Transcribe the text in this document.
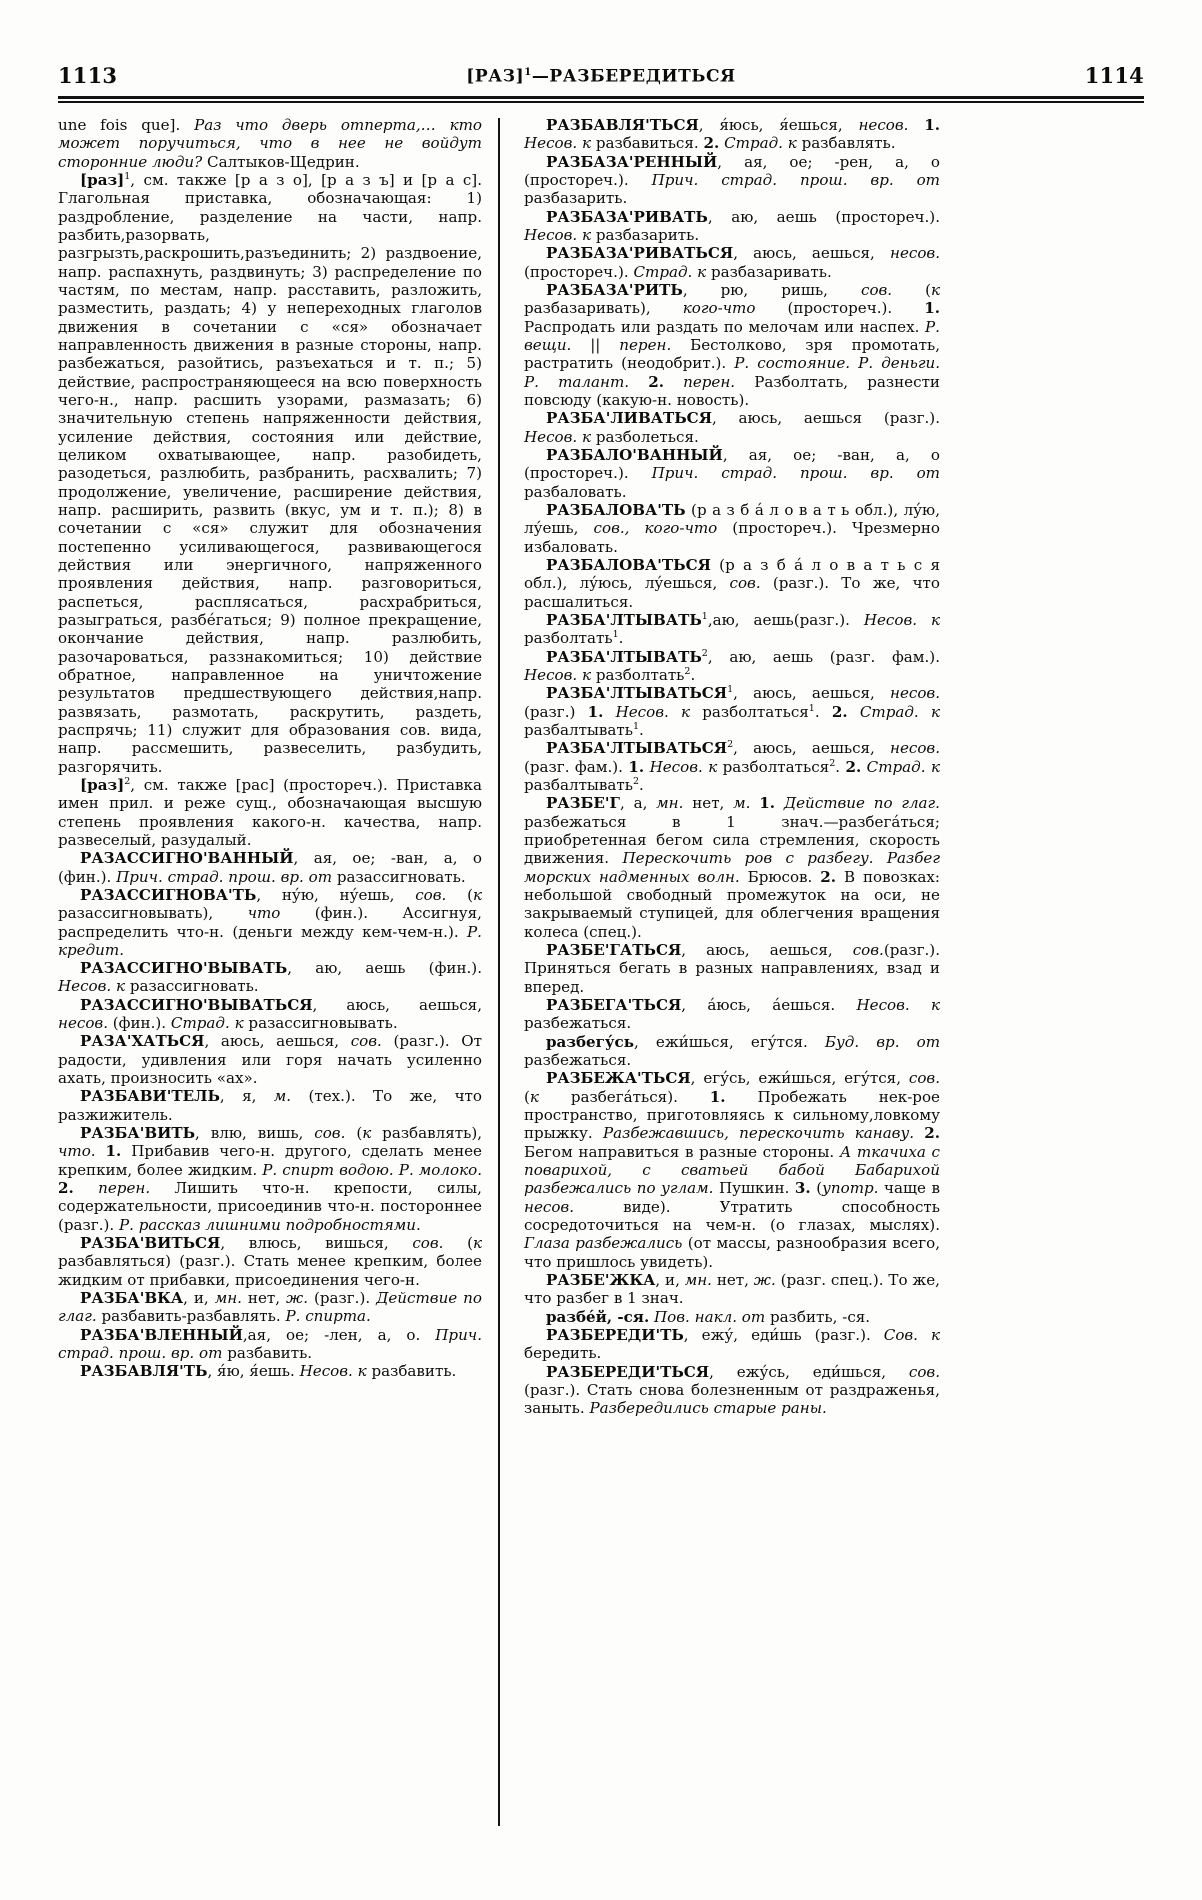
1113	[РАЗ]$^1$—РАЗБЕРЕДИТЬСЯ	1114

une fois que]. Раз что дверь отперта,… кто может поручиться, что в нее не войдут сторонние люди? Салтыков-Щедрин.

[раз]$^1$, см. также [р а з о], [р а з ъ] и [р а с]. Глагольная приставка, обозначающая: 1) раздробление, разделение на части, напр. разбить,разорвать, разгрызть,раскрошить,разъединить; 2) раздвоение, напр. распахнуть, раздвинуть; 3) распределение по частям, по местам, напр. расставить, разложить, разместить, раздать; 4) у непереходных глаголов движения в сочетании с «ся» обозначает направленность движения в разные стороны, напр. разбежаться, разойтись, разъехаться и т. п.; 5) действие, распространяющееся на всю поверхность чего-н., напр. расшить узорами, размазать; 6) значительную степень напряженности действия, усиление действия, состояния или действие, целиком охватывающее, напр. разобидеть, разодеться, разлюбить, разбранить, расхвалить; 7) продолжение, увеличение, расширение действия, напр. расширить, развить (вкус, ум и т. п.); 8) в сочетании с «ся» служит для обозначения постепенно усиливающегося, развивающегося действия или энергичного, напряженного проявления действия, напр. разговориться, распеться, расплясаться, расхрабриться, разыграться, разбе́гаться; 9) полное прекращение, окончание действия, напр. разлюбить, разочароваться, раззнакомиться; 10) действие обратное, направленное на уничтожение результатов предшествующего действия,напр. развязать, размотать, раскрутить, раздеть, распрячь; 11) служит для образования сов. вида, напр. рассмешить, развеселить, разбудить, разгорячить.

[раз]$^2$, см. также [рас] (простореч.). Приставка имен прил. и реже сущ., обозначающая высшую степень проявления какого-н. качества, напр. развеселый, разудалый.

РАЗАССИГНО'ВАННЫЙ, ая, ое; -ван, а, о (фин.). Прич. страд. прош. вр. от разассигновать.

РАЗАССИГНОВА'ТЬ, ну́ю, ну́ешь, сов. (к разассигновывать), что (фин.). Ассигнуя, распределить что-н. (деньги между кем-чем-н.). Р. кредит.

РАЗАССИГНО'ВЫВАТЬ, аю, аешь (фин.). Несов. к разассигновать.

РАЗАССИГНО'ВЫВАТЬСЯ, аюсь, аешься, несов. (фин.). Страд. к разассигновывать.

РАЗА'ХАТЬСЯ, аюсь, аешься, сов. (разг.). От радости, удивления или горя начать усиленно ахать, произносить «ах».

РАЗБАВИ'ТЕЛЬ, я, м. (тех.). То же, что разжижитель.

РАЗБА'ВИТЬ, влю, вишь, сов. (к разбавлять), что. 1. Прибавив чего-н. другого, сделать менее крепким, более жидким. Р. спирт водою. Р. молоко. 2. перен. Лишить что-н. крепости, силы, содержательности, присоединив что-н. постороннее (разг.). Р. рассказ лишними подробностями.

РАЗБА'ВИТЬСЯ, влюсь, вишься, сов. (к разбавляться) (разг.). Стать менее крепким, более жидким от прибавки, присоединения чего-н.

РАЗБА'ВКА, и, мн. нет, ж. (разг.). Действие по глаг. разбавить-разбавлять. Р. спирта.

РАЗБА'ВЛЕННЫЙ,ая, ое; -лен, а, о. Прич. страд. прош. вр. от разбавить.

РАЗБАВЛЯ'ТЬ, я́ю, я́ешь. Несов. к разбавить.

РАЗБАВЛЯ'ТЬСЯ, я́юсь, я́ешься, несов. 1. Несов. к разбавиться. 2. Страд. к разбавлять.

РАЗБАЗА'РЕННЫЙ, ая, ое; -рен, а, о (простореч.). Прич. страд. прош. вр. от разбазарить.

РАЗБАЗА'РИВАТЬ, аю, аешь (простореч.). Несов. к разбазарить.

РАЗБАЗА'РИВАТЬСЯ, аюсь, аешься, несов. (простореч.). Страд. к разбазаривать.

РАЗБАЗА'РИТЬ, рю, ришь, сов. (к разбазаривать), кого-что (простореч.). 1. Распродать или раздать по мелочам или наспех. Р. вещи. || перен. Бестолково, зря промотать, растратить (неодобрит.). Р. состояние. Р. деньги. Р. талант. 2. перен. Разболтать, разнести повсюду (какую-н. новость).

РАЗБА'ЛИВАТЬСЯ, аюсь, аешься (разг.). Несов. к разболеться.

РАЗБАЛО'ВАННЫЙ, ая, ое; -ван, а, о (простореч.). Прич. страд. прош. вр. от разбаловать.

РАЗБАЛОВА'ТЬ (р а з б а́ л о в а т ь обл.), лу́ю, лу́ешь, сов., кого-что (простореч.). Чрезмерно избаловать.

РАЗБАЛОВА'ТЬСЯ (р а з б а́ л о в а т ь с я обл.), лу́юсь, лу́ешься, сов. (разг.). То же, что расшалиться.

РАЗБА'ЛТЫВАТЬ$^1$,аю, аешь(разг.). Несов. к разболтать$^1$.

РАЗБА'ЛТЫВАТЬ$^2$, аю, аешь (разг. фам.). Несов. к разболтать$^2$.

РАЗБА'ЛТЫВАТЬСЯ$^1$, аюсь, аешься, несов.(разг.) 1. Несов. к разболтаться$^1$. 2. Страд. к разбалтывать$^1$.

РАЗБА'ЛТЫВАТЬСЯ$^2$, аюсь, аешься, несов. (разг. фам.). 1. Несов. к разболтаться$^2$. 2. Страд. к разбалтывать$^2$.

РАЗБЕ'Г, а, мн. нет, м. 1. Действие по глаг. разбежаться в 1 знач.—разбега́ться; приобретенная бегом сила стремления, скорость движения. Перескочить ров с разбегу. Разбег морских надменных волн. Брюсов. 2. В повозках: небольшой свободный промежуток на оси, не закрываемый ступицей, для облегчения вращения колеса (спец.).

РАЗБЕ'ГАТЬСЯ, аюсь, аешься, сов.(разг.). Приняться бегать в разных направлениях, взад и вперед.

РАЗБЕГА'ТЬСЯ, а́юсь, а́ешься. Несов. к разбежаться.

разбегу́сь, ежи́шься, егу́тся. Буд. вр. от разбежаться.

РАЗБЕЖА'ТЬСЯ, егу́сь, ежи́шься, егу́тся, сов. (к разбега́ться). 1. Пробежать нек-рое пространство, приготовляясь к сильному,ловкому прыжку. Разбежавшись, перескочить канаву. 2. Бегом направиться в разные стороны. А ткачиха с поварихой, с сватьей бабой Бабарихой разбежались по углам. Пушкин. 3. (употр. чаще в несов. виде). Утратить способность сосредоточиться на чем-н. (о глазах, мыслях). Глаза разбежались (от массы, разнообразия всего, что пришлось увидеть).

РАЗБЕ'ЖКА, и, мн. нет, ж. (разг. спец.). То же, что разбег в 1 знач.

разбе́й, -ся. Пов. накл. от разбить, -ся.

РАЗБЕРЕДИ'ТЬ, ежу́, еди́шь (разг.). Сов. к бередить.

РАЗБЕРЕДИ'ТЬСЯ, ежу́сь, еди́шься, сов. (разг.). Стать снова болезненным от раздраженья, заныть. Разбередились старые раны.
